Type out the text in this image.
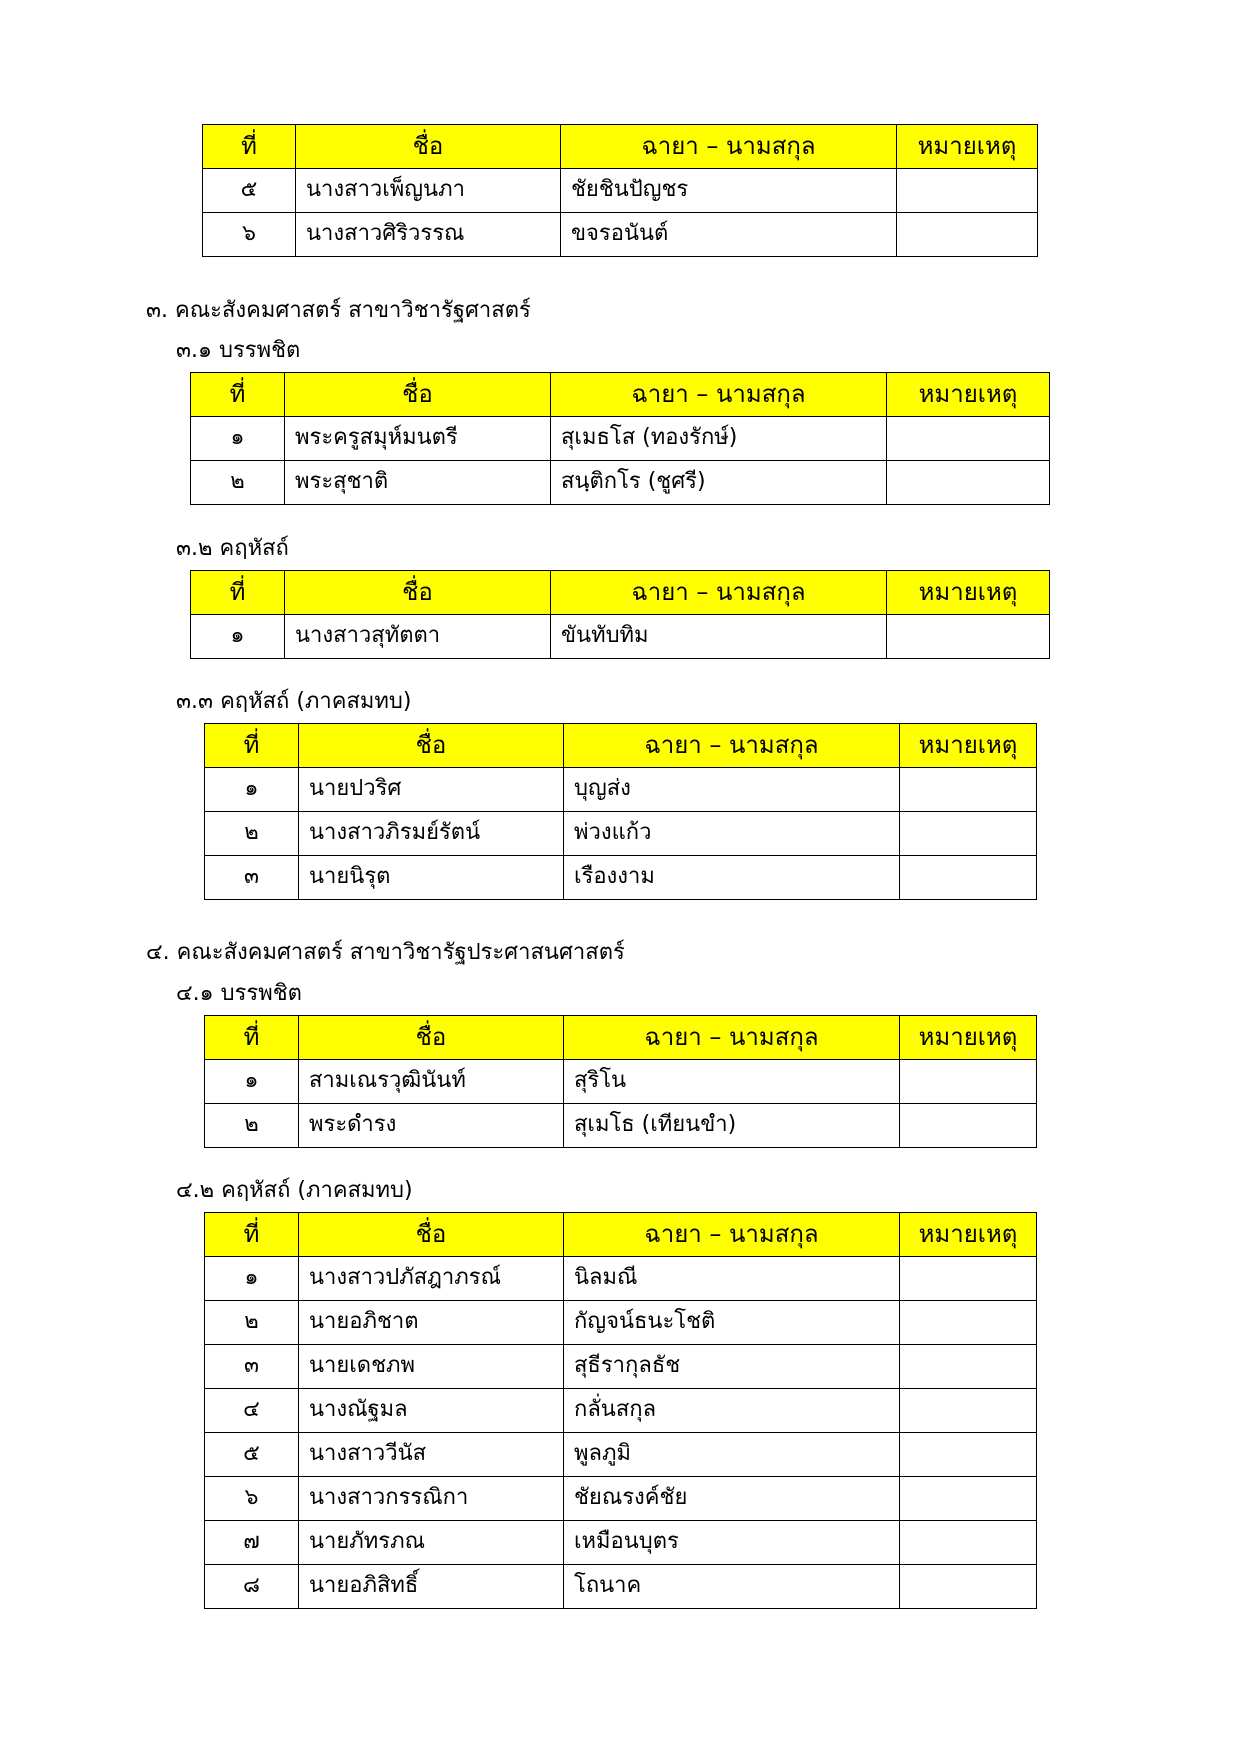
ที่	ชื่อ	ฉายา – นามสกุล	หมายเหตุ
๕	นางสาวเพ็ญนภา	ชัยชินปัญชร	
๖	นางสาวศิริวรรณ	ขจรอนันต์	
๓. คณะสังคมศาสตร์ สาขาวิชารัฐศาสตร์
๓.๑ บรรพชิต
ที่	ชื่อ	ฉายา – นามสกุล	หมายเหตุ
๑	พระครูสมุห์มนตรี	สุเมธโส (ทองรักษ์)	
๒	พระสุชาติ	สนฺติกโร (ชูศรี)	
๓.๒ คฤหัสถ์
ที่	ชื่อ	ฉายา – นามสกุล	หมายเหตุ
๑	นางสาวสุทัตตา	ขันทับทิม	
๓.๓ คฤหัสถ์ (ภาคสมทบ)
ที่	ชื่อ	ฉายา – นามสกุล	หมายเหตุ
๑	นายปวริศ	บุญส่ง	
๒	นางสาวภิรมย์รัตน์	พ่วงแก้ว	
๓	นายนิรุต	เรืองงาม	
๔. คณะสังคมศาสตร์ สาขาวิชารัฐประศาสนศาสตร์
๔.๑ บรรพชิต
ที่	ชื่อ	ฉายา – นามสกุล	หมายเหตุ
๑	สามเณรวุฒินันท์	สุริโน	
๒	พระดำรง	สุเมโธ (เทียนขำ)	
๔.๒ คฤหัสถ์ (ภาคสมทบ)
ที่	ชื่อ	ฉายา – นามสกุล	หมายเหตุ
๑	นางสาวปภัสฎาภรณ์	นิลมณี	
๒	นายอภิชาต	กัญจน์ธนะโชติ	
๓	นายเดชภพ	สุธีรากุลธัช	
๔	นางณัฐมล	กลั่นสกุล	
๕	นางสาววีนัส	พูลภูมิ	
๖	นางสาวกรรณิกา	ชัยณรงค์ชัย	
๗	นายภัทรภณ	เหมือนบุตร	
๘	นายอภิสิทธิ์	โถนาค	
